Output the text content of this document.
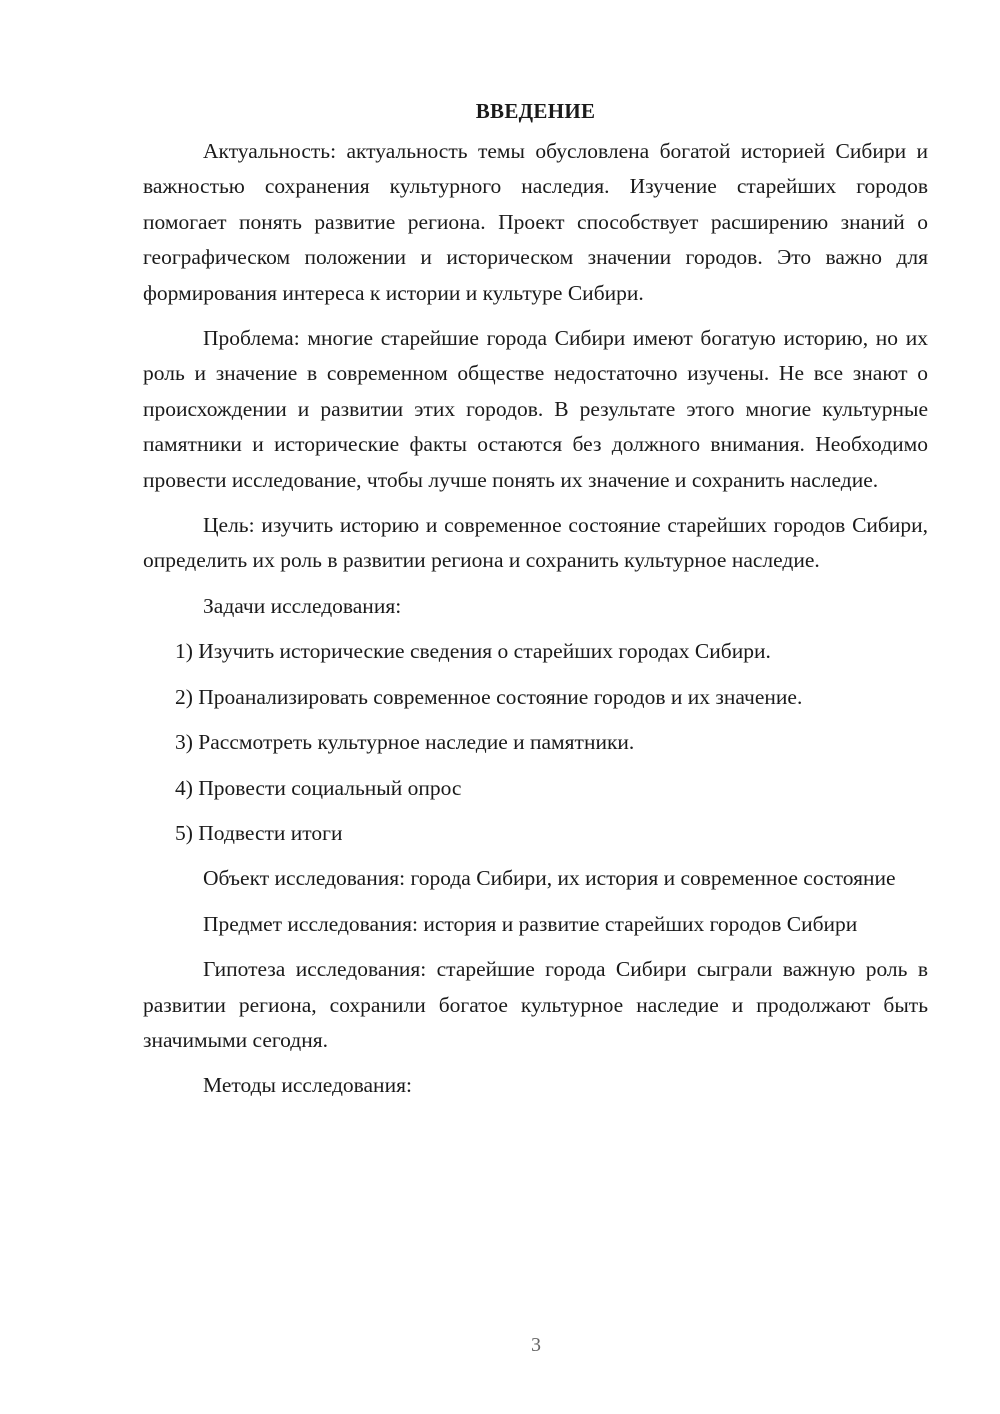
ВВЕДЕНИЕ

Актуальность: актуальность темы обусловлена богатой историей Сибири и важностью сохранения культурного наследия. Изучение старейших городов помогает понять развитие региона. Проект способствует расширению знаний о географическом положении и историческом значении городов. Это важно для формирования интереса к истории и культуре Сибири.

Проблема: многие старейшие города Сибири имеют богатую историю, но их роль и значение в современном обществе недостаточно изучены. Не все знают о происхождении и развитии этих городов. В результате этого многие культурные памятники и исторические факты остаются без должного внимания. Необходимо провести исследование, чтобы лучше понять их значение и сохранить наследие.

Цель: изучить историю и современное состояние старейших городов Сибири, определить их роль в развитии региона и сохранить культурное наследие.

Задачи исследования:

1) Изучить исторические сведения о старейших городах Сибири.
2) Проанализировать современное состояние городов и их значение.
3) Рассмотреть культурное наследие и памятники.
4) Провести социальный опрос
5) Подвести итоги

Объект исследования: города Сибири, их история и современное состояние

Предмет исследования: история и развитие старейших городов Сибири

Гипотеза исследования: старейшие города Сибири сыграли важную роль в развитии региона, сохранили богатое культурное наследие и продолжают быть значимыми сегодня.

Методы исследования:

3
